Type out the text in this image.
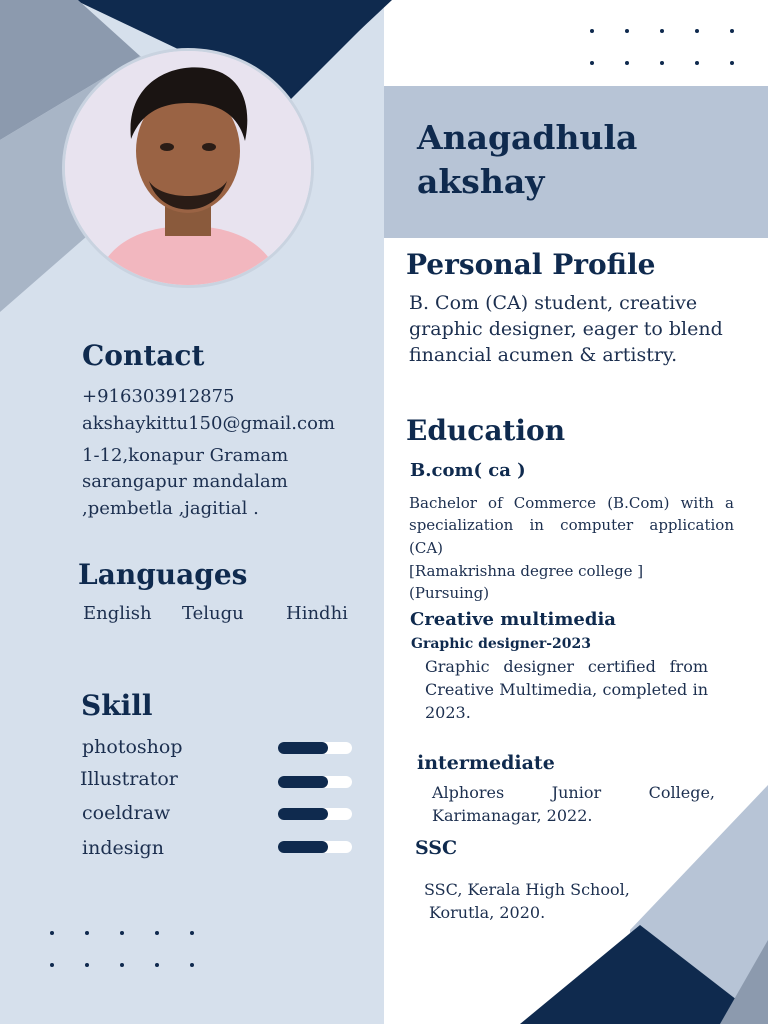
Anagadhula
akshay
Contact

+916303912875

akshaykittu150@gmail.com

1-12,konapur Gramam

sarangapur mandalam

,pembetla ,jagitial .

Languages

English Telugu Hindhi

Skill

photoshop

Illustrator

coeldraw

indesign

Personal Profile

B. Com (CA) student, creative

graphic designer, eager to blend

financial acumen & artistry.

Education

B.com( ca )

Bachelor of Commerce (B.Com) with a

specialization in computer application

(CA)

[Ramakrishna degree college ]

(Pursuing)

Creative multimedia

Graphic designer-2023

Graphic designer certified from

Creative Multimedia, completed in

2023.

intermediate

Alphores Junior College,

Karimanagar, 2022.

SSC

SSC, Kerala High School,

Korutla, 2020.
